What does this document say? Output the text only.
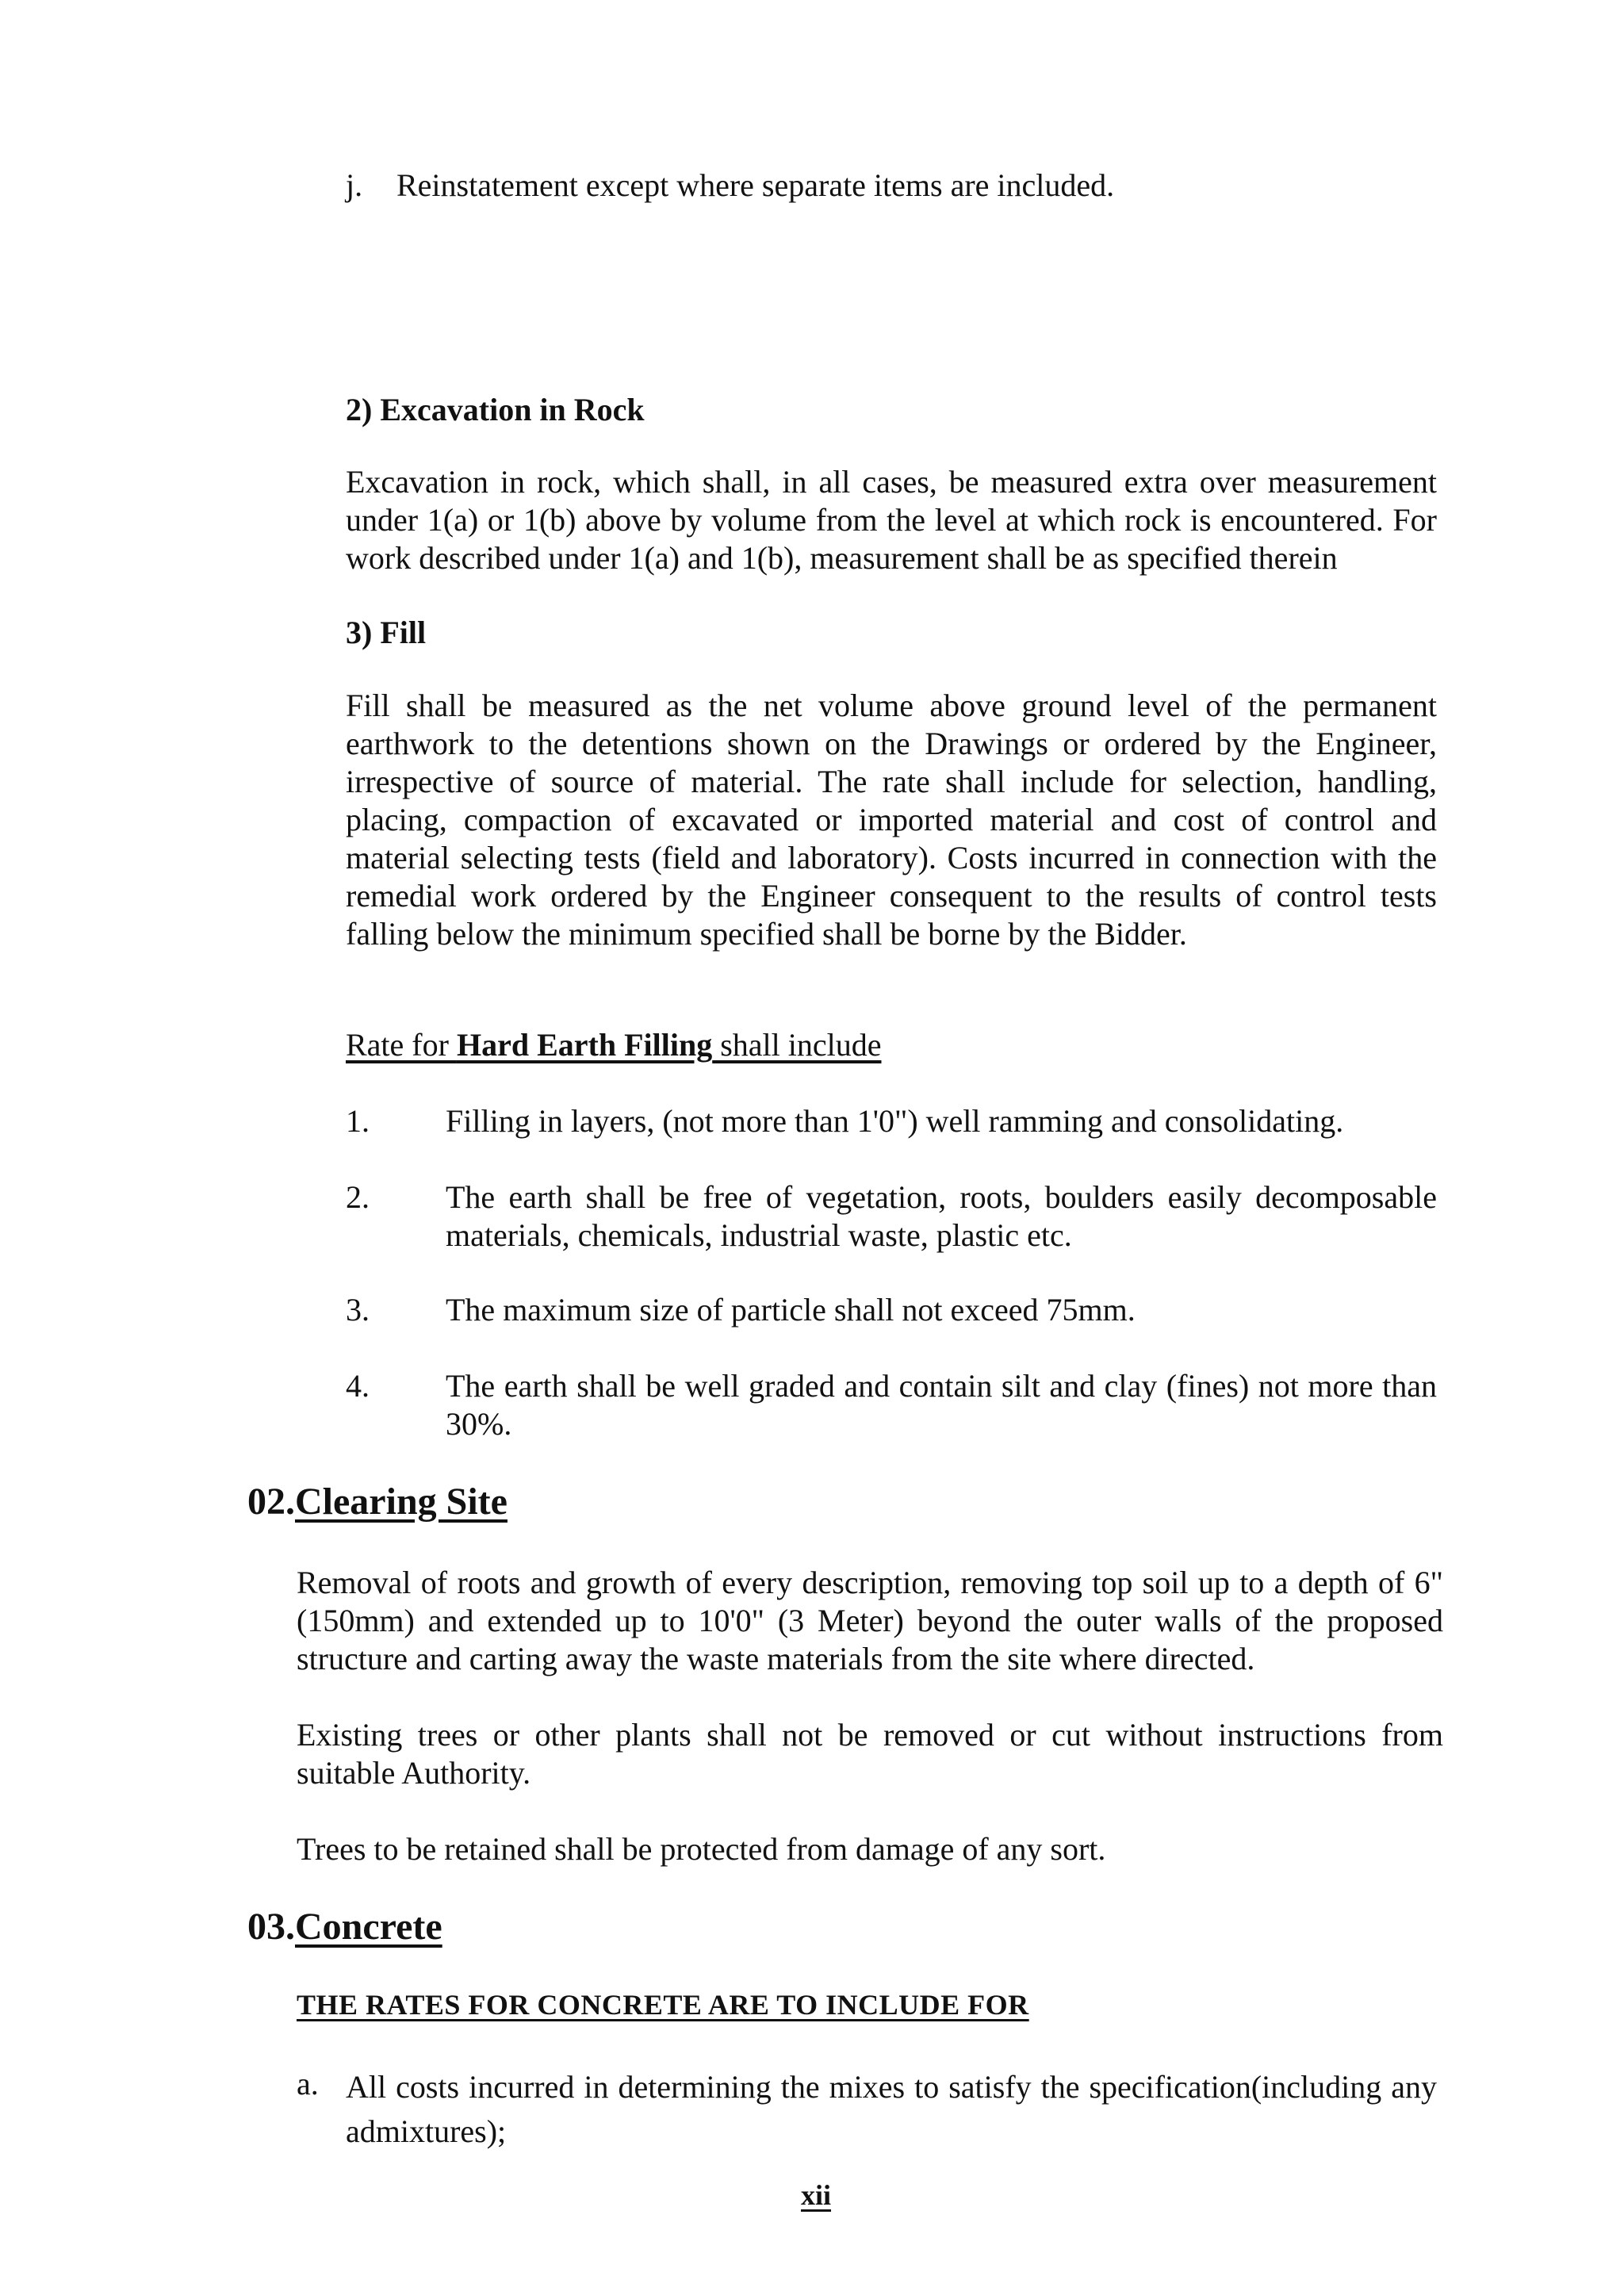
j. Reinstatement except where separate items are included.
2) Excavation in Rock
Excavation in rock, which shall, in all cases, be measured extra over measurement under 1(a) or 1(b) above by volume from the level at which rock is encountered. For work described under 1(a) and 1(b), measurement shall be as specified therein
3) Fill
Fill shall be measured as the net volume above ground level of the permanent earthwork to the detentions shown on the Drawings or ordered by the Engineer, irrespective of source of material. The rate shall include for selection, handling, placing, compaction of excavated or imported material and cost of control and material selecting tests (field and laboratory). Costs incurred in connection with the remedial work ordered by the Engineer consequent to the results of control tests falling below the minimum specified shall be borne by the Bidder.
Rate for Hard Earth Filling shall include
1. Filling in layers, (not more than 1'0") well ramming and consolidating.
2. The earth shall be free of vegetation, roots, boulders easily decomposable materials, chemicals, industrial waste, plastic etc.
3. The maximum size of particle shall not exceed 75mm.
4. The earth shall be well graded and contain silt and clay (fines) not more than 30%.
02.Clearing Site
Removal of roots and growth of every description, removing top soil up to a depth of 6" (150mm) and extended up to 10'0" (3 Meter) beyond the outer walls of the proposed structure and carting away the waste materials from the site where directed.
Existing trees or other plants shall not be removed or cut without instructions from suitable Authority.
Trees to be retained shall be protected from damage of any sort.
03.Concrete
THE RATES FOR CONCRETE ARE TO INCLUDE FOR
a. All costs incurred in determining the mixes to satisfy the specification(including any admixtures);
xii
